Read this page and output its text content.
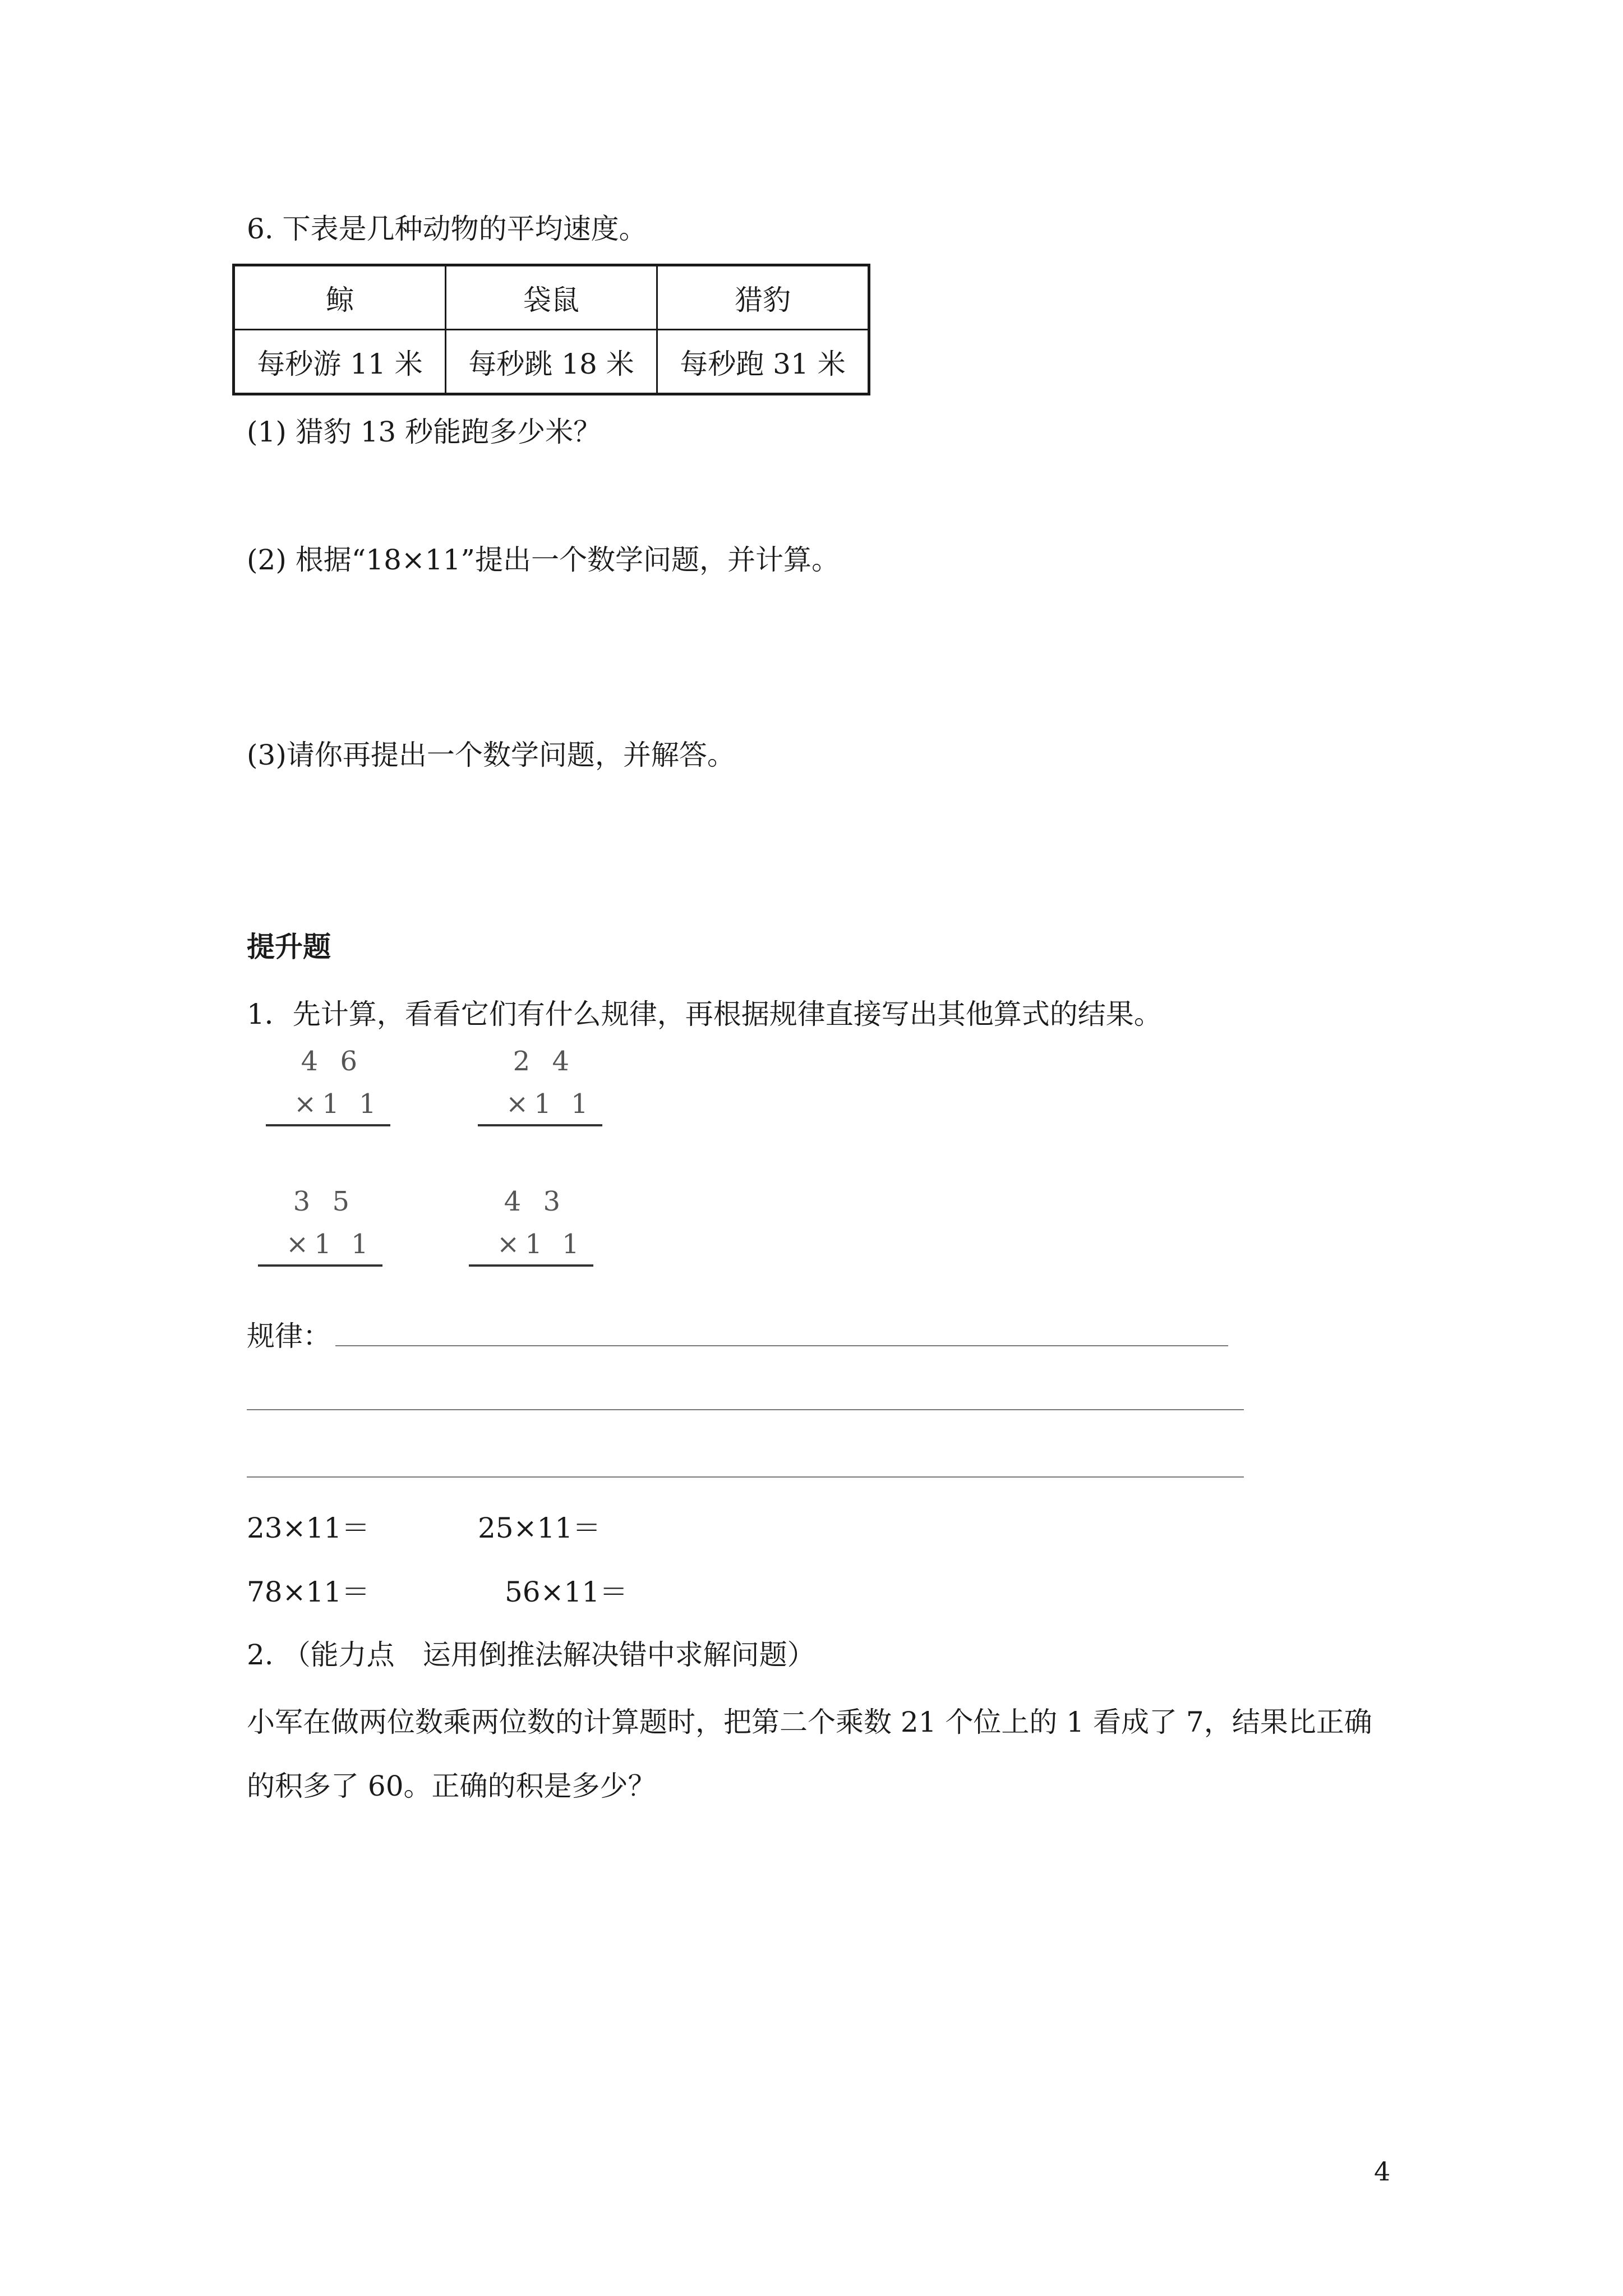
6. 下表是几种动物的平均速度。
鲸	袋鼠	猎豹
每秒游 11 米	每秒跳 18 米	每秒跑 31 米
(1) 猎豹 13 秒能跑多少米？
(2) 根据“18×11”提出一个数学问题，并计算。
(3)请你再提出一个数学问题，并解答。
提升题
1．先计算，看看它们有什么规律，再根据规律直接写出其他算式的结果。
4 6
×1 1
2 4
×1 1
3 5
×1 1
4 3
×1 1
规律：
23×11＝	25×11＝
78×11＝	56×11＝
2. （能力点　运用倒推法解决错中求解问题）
小军在做两位数乘两位数的计算题时，把第二个乘数 21 个位上的 1 看成了 7，结果比正确
的积多了 60。正确的积是多少？
4
